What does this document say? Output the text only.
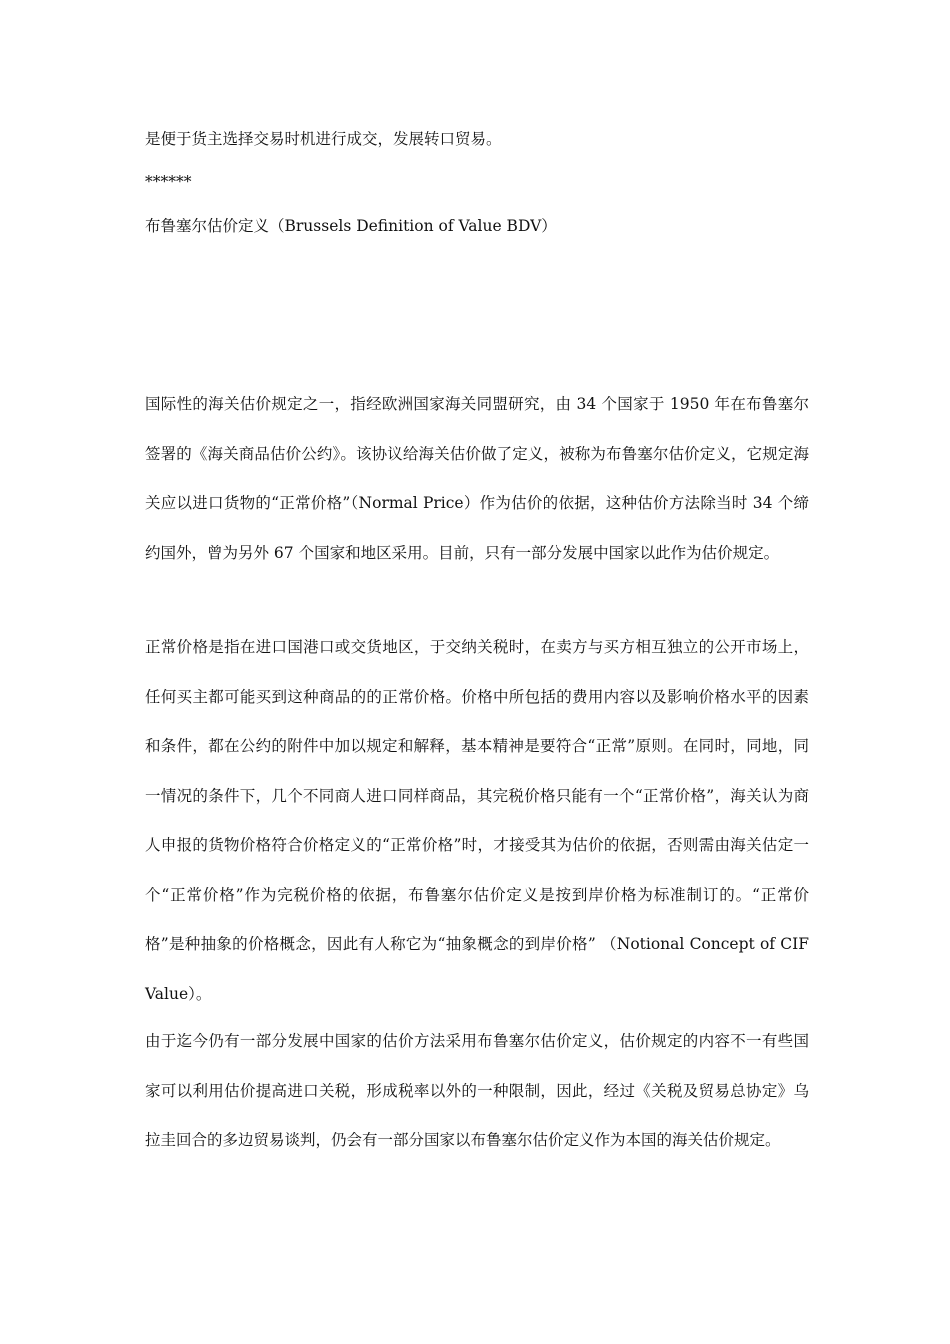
是便于货主选择交易时机进行成交，发展转口贸易。

******

布鲁塞尔估价定义（Brussels Definition of Value BDV）

国际性的海关估价规定之一，指经欧洲国家海关同盟研究，由 34 个国家于 1950 年在布鲁塞尔签署的《海关商品估价公约》。该协议给海关估价做了定义，被称为布鲁塞尔估价定义，它规定海关应以进口货物的“正常价格”（Normal Price）作为估价的依据，这种估价方法除当时 34 个缔约国外，曾为另外 67 个国家和地区采用。目前，只有一部分发展中国家以此作为估价规定。

正常价格是指在进口国港口或交货地区，于交纳关税时，在卖方与买方相互独立的公开市场上，任何买主都可能买到这种商品的的正常价格。价格中所包括的费用内容以及影响价格水平的因素和条件，都在公约的附件中加以规定和解释，基本精神是要符合“正常”原则。在同时，同地，同一情况的条件下，几个不同商人进口同样商品，其完税价格只能有一个“正常价格”，海关认为商人申报的货物价格符合价格定义的“正常价格”时，才接受其为估价的依据，否则需由海关估定一个“正常价格”作为完税价格的依据，布鲁塞尔估价定义是按到岸价格为标准制订的。“正常价格”是种抽象的价格概念，因此有人称它为“抽象概念的到岸价格” （Notional Concept of CIF Value）。

由于迄今仍有一部分发展中国家的估价方法采用布鲁塞尔估价定义，估价规定的内容不一有些国家可以利用估价提高进口关税，形成税率以外的一种限制，因此，经过《关税及贸易总协定》乌拉圭回合的多边贸易谈判，仍会有一部分国家以布鲁塞尔估价定义作为本国的海关估价规定。
